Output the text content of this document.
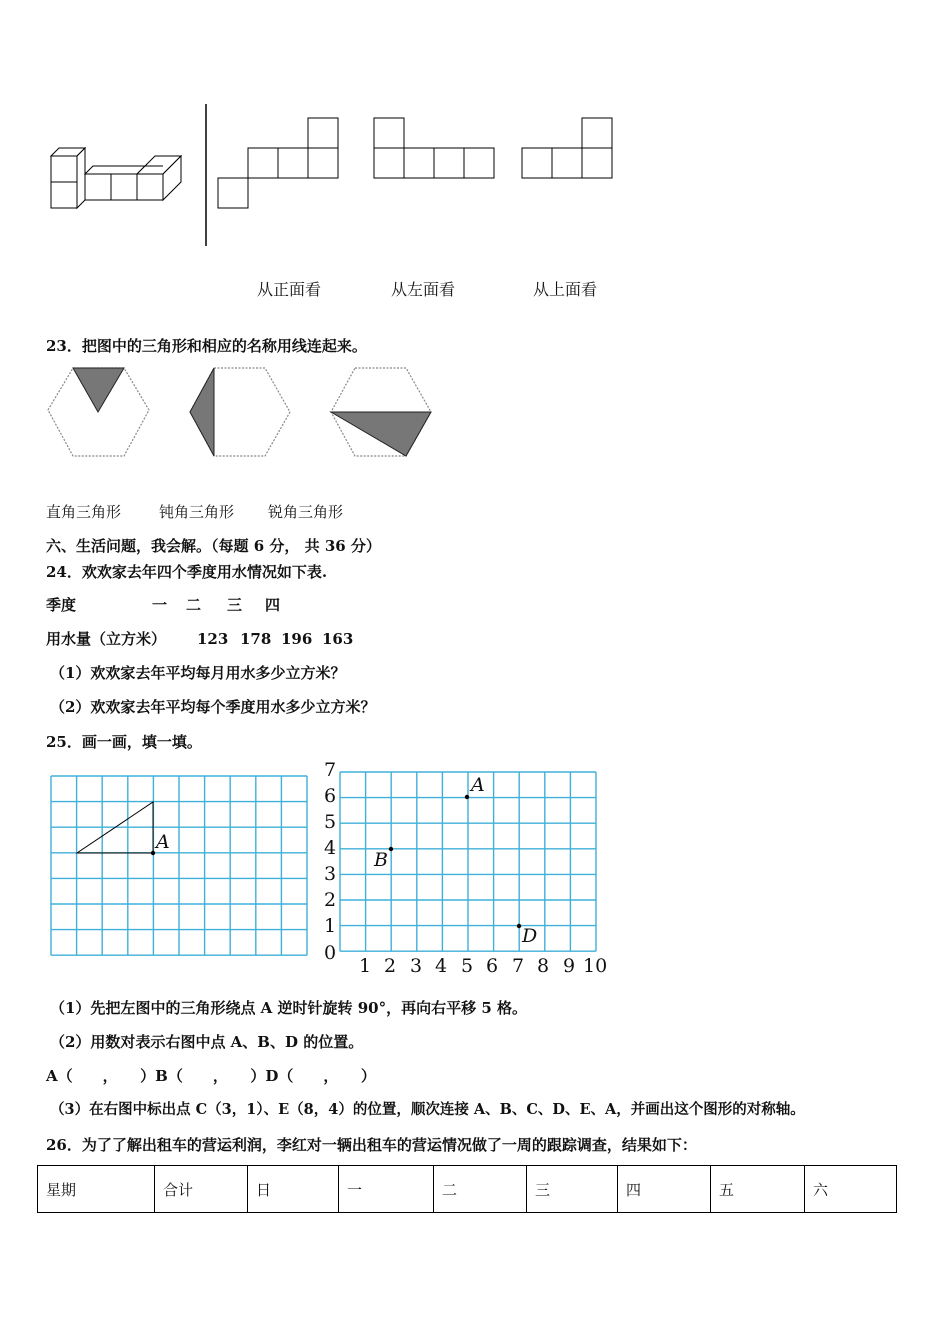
从正面看	从左面看	从上面看
23．把图中的三角形和相应的名称用线连起来。
直角三角形	钝角三角形 锐角三角形
六、生活问题，我会解。（每题 6 分， 共 36 分）
24．欢欢家去年四个季度用水情况如下表.
季度	一 二 三 四
用水量（立方米） 123 178 196 163
（1）欢欢家去年平均每月用水多少立方米？
（2）欢欢家去年平均每个季度用水多少立方米？
25．画一画，填一填。
A
A
B
D
7
6
5
4
3
2
1
0
1 2 3 4 5 6 7 8 9 10
（1）先把左图中的三角形绕点 A 逆时针旋转 90°，再向右平移 5 格。
（2）用数对表示右图中点 A、B、D 的位置。
A（　　，　　）B（　　，　　）D（　　，　　）
（3）在右图中标出点 C（3，1）、E（8，4）的位置，顺次连接 A、B、C、D、E、A，并画出这个图形的对称轴。
26．为了了解出租车的营运利润，李红对一辆出租车的营运情况做了一周的跟踪调查，结果如下：
星期	合计	日	一	二	三	四	五	六
